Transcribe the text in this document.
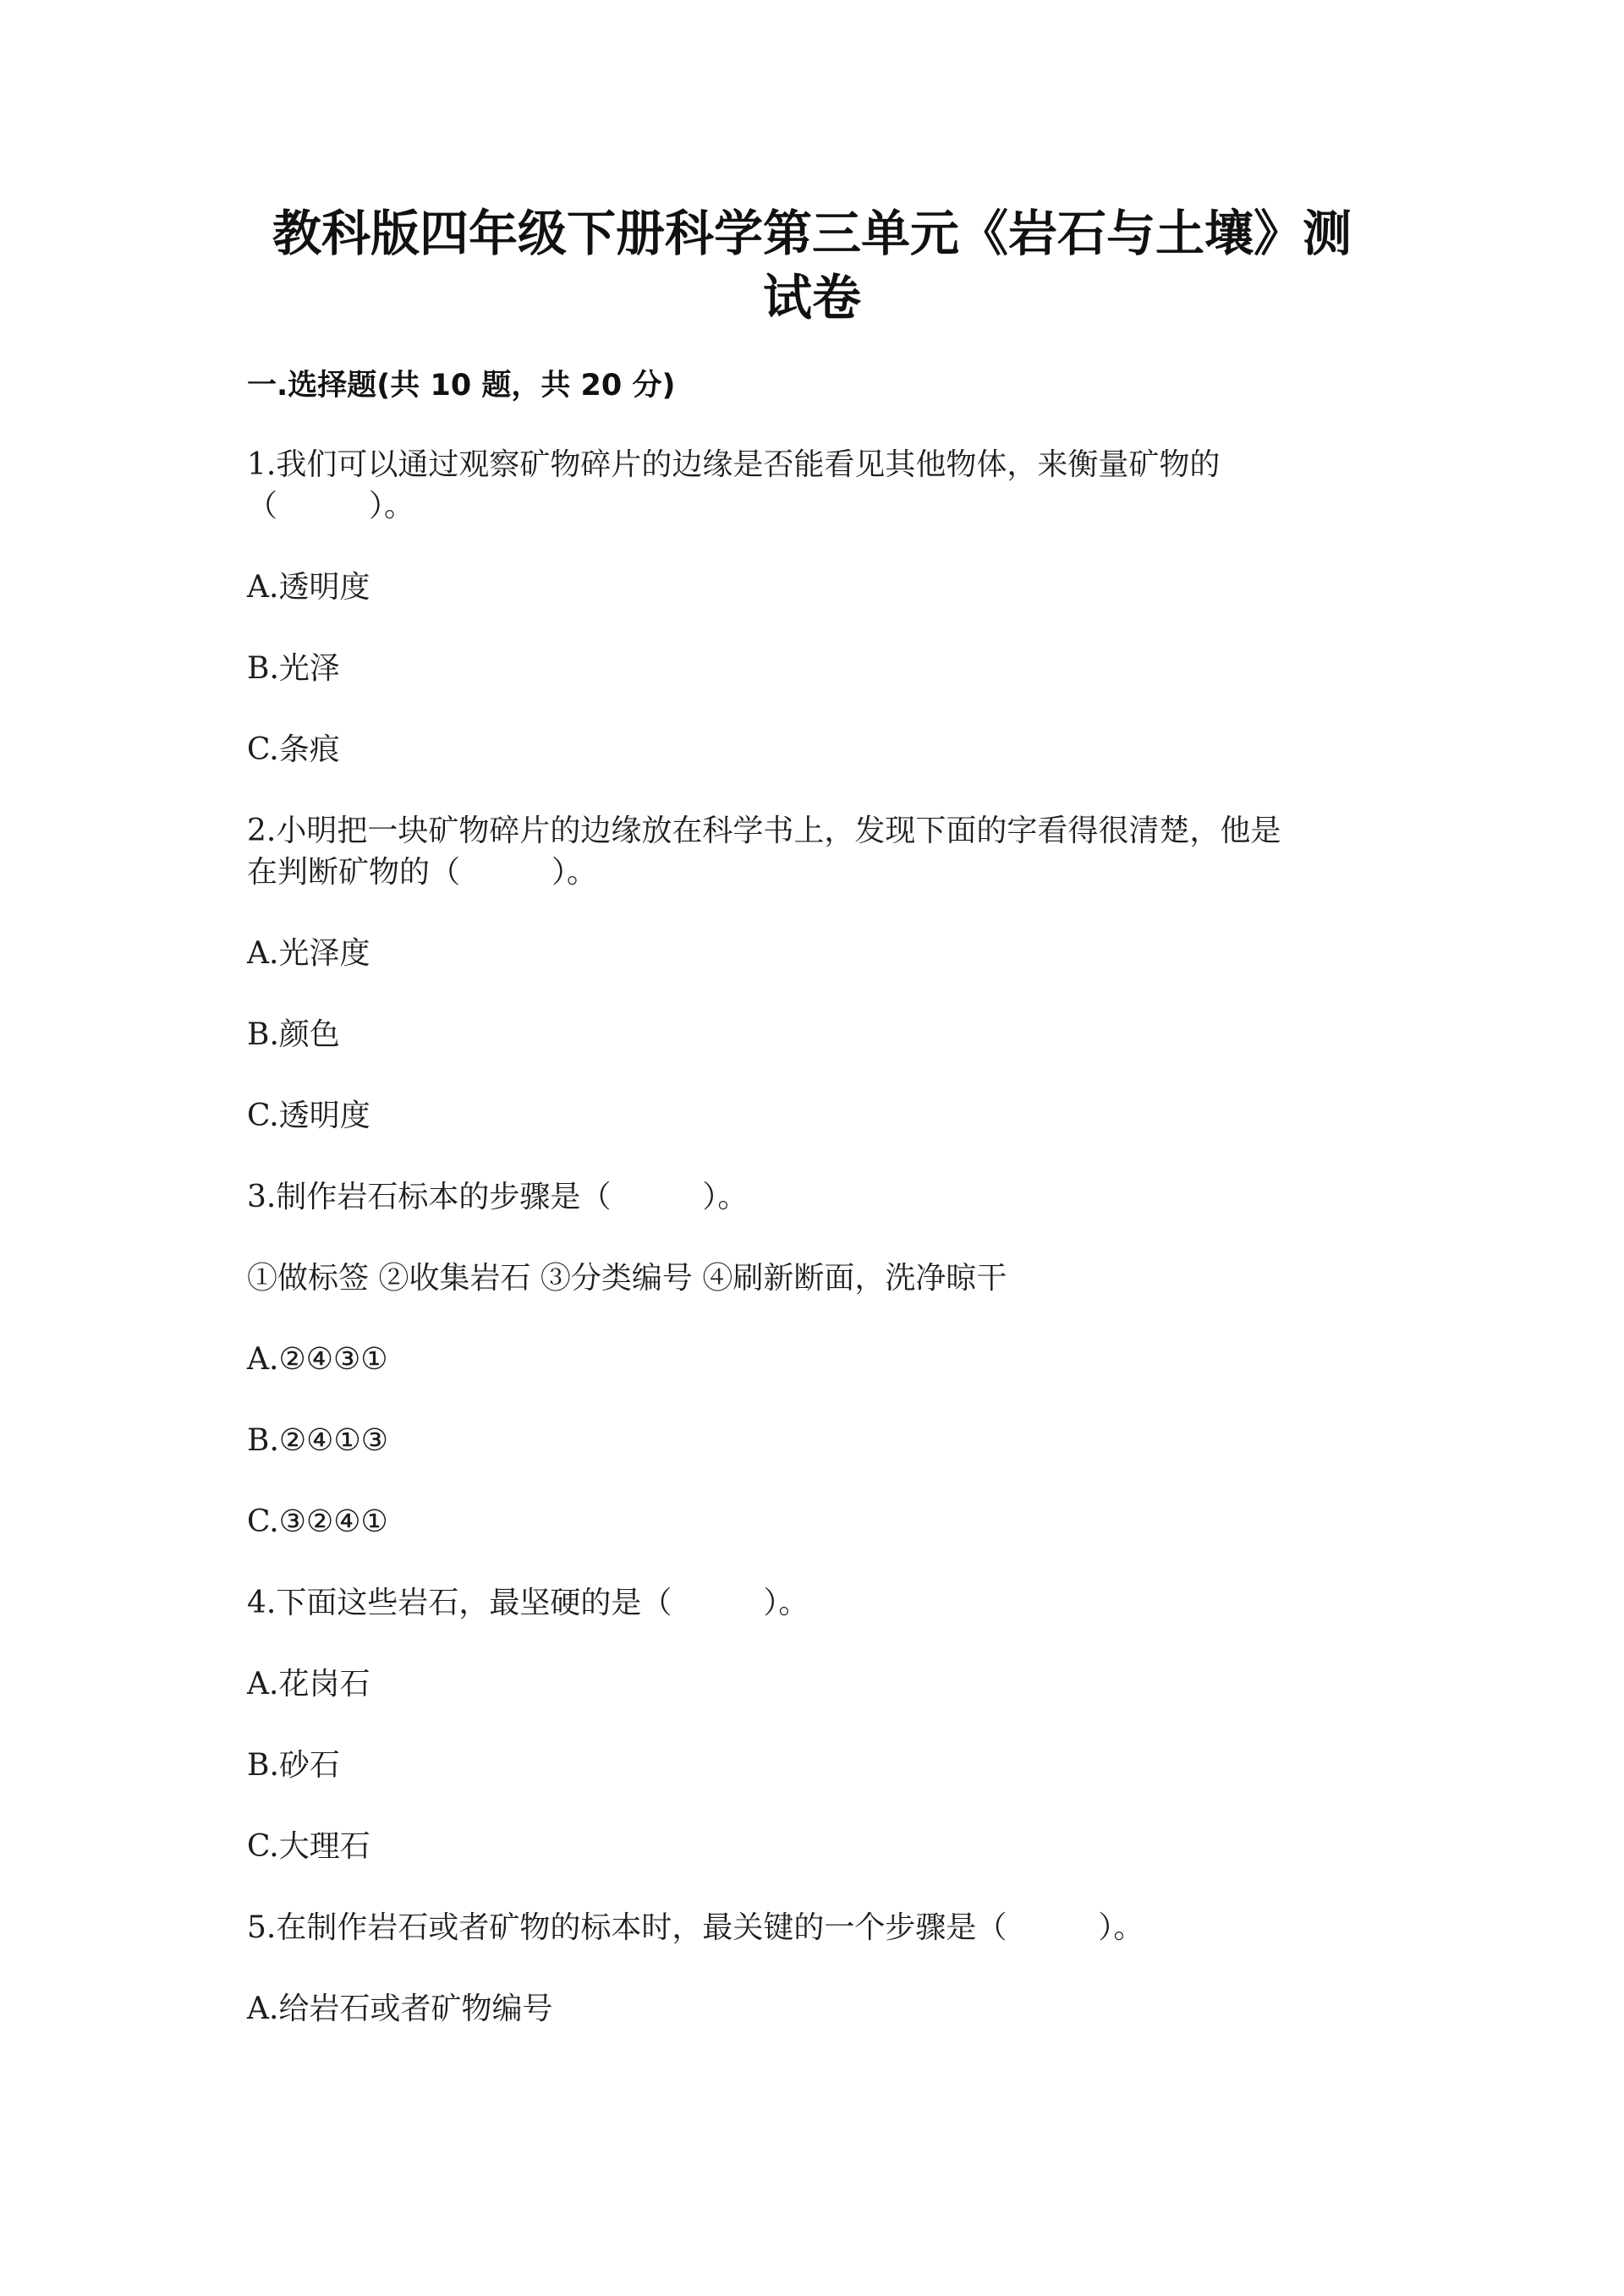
教科版四年级下册科学第三单元《岩石与土壤》测
试卷
一.选择题(共 10 题，共 20 分)
1.我们可以通过观察矿物碎片的边缘是否能看见其他物体，来衡量矿物的
（　　　）。
A.透明度
B.光泽
C.条痕
2.小明把一块矿物碎片的边缘放在科学书上，发现下面的字看得很清楚，他是
在判断矿物的（　　　）。
A.光泽度
B.颜色
C.透明度
3.制作岩石标本的步骤是（　　　）。
①做标签 ②收集岩石 ③分类编号 ④刷新断面，洗净晾干
A.②④③①
B.②④①③
C.③②④①
4.下面这些岩石，最坚硬的是（　　　）。
A.花岗石
B.砂石
C.大理石
5.在制作岩石或者矿物的标本时，最关键的一个步骤是（　　　）。
A.给岩石或者矿物编号
